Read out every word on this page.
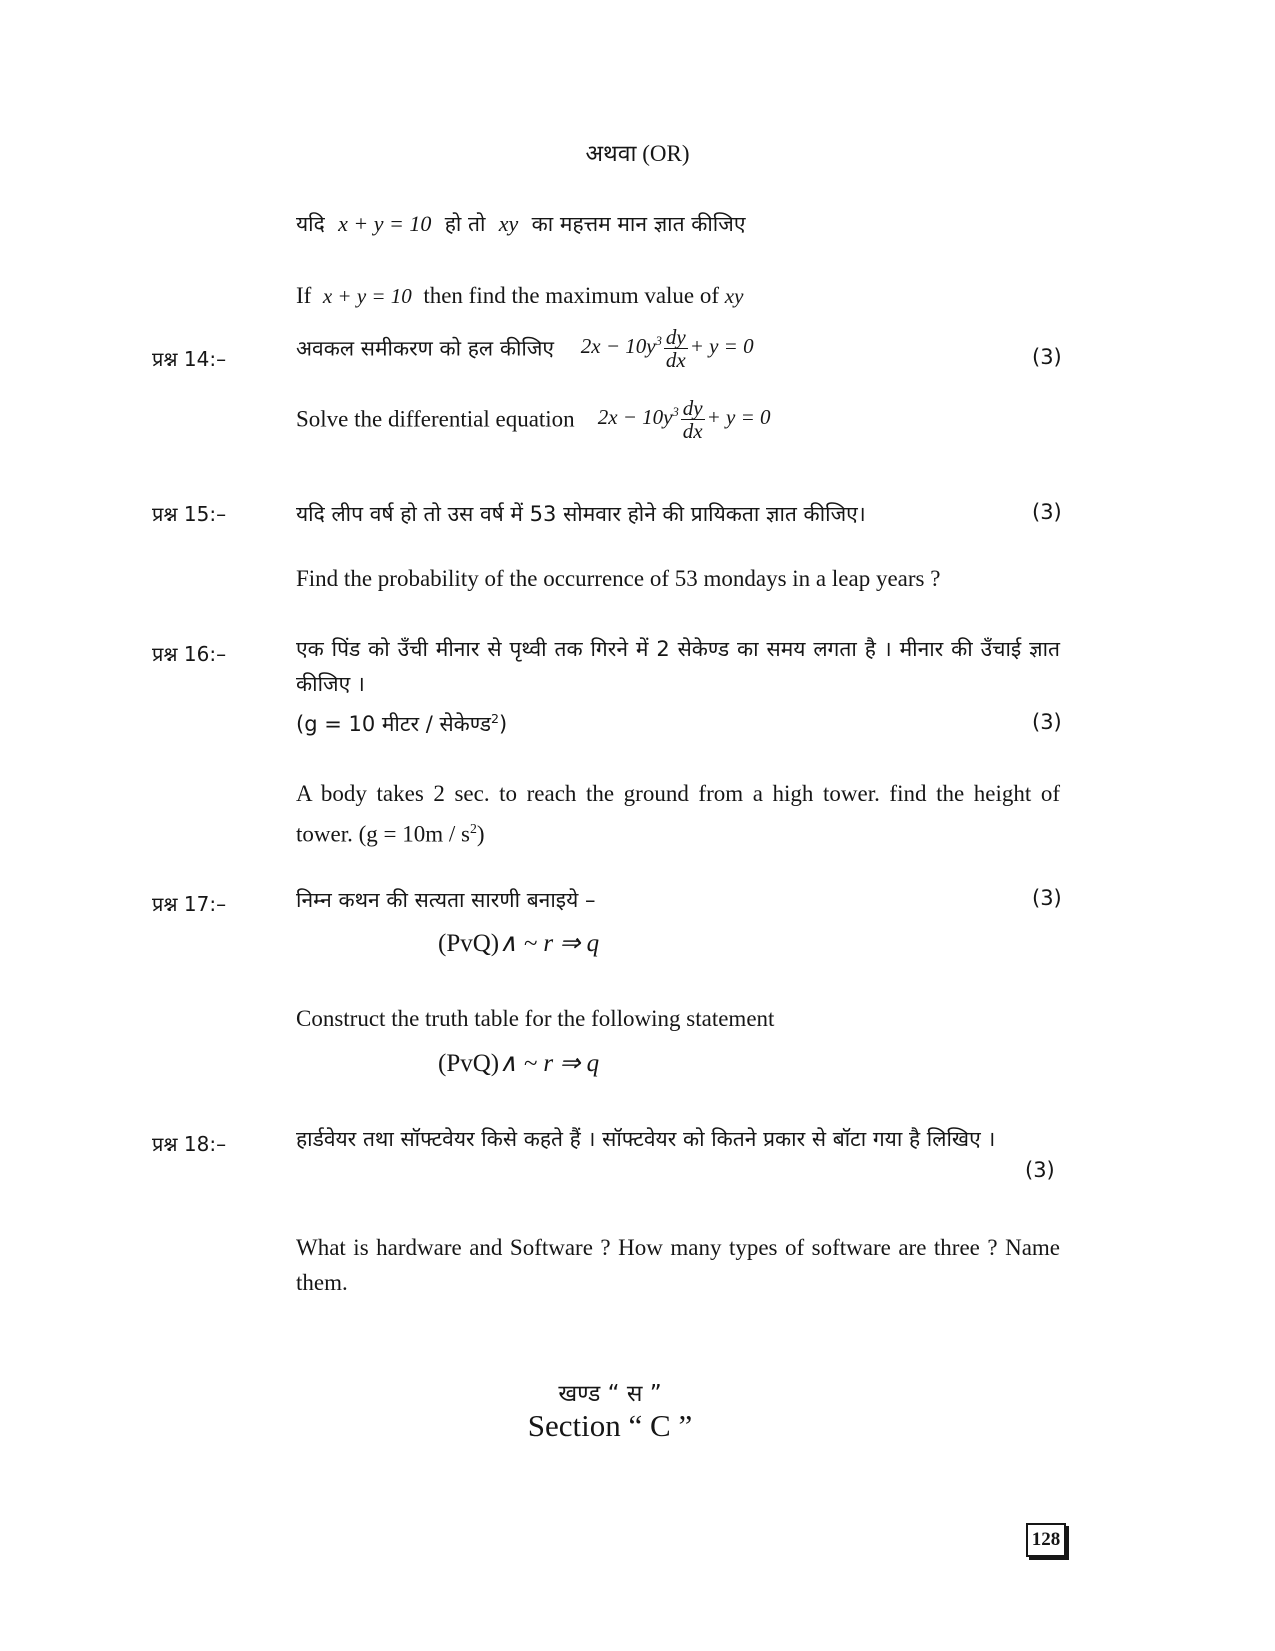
अथवा (OR)
यदि x + y = 10 हो तो xy का महत्तम मान ज्ञात कीजिए
If x + y = 10 then find the maximum value of xy
प्रश्न 14:–	अवकल समीकरण को हल कीजिए $2x - 10y^3 \frac{dy}{dx} + y = 0$	(3)
Solve the differential equation $2x - 10y^3 \frac{dy}{dx} + y = 0$
प्रश्न 15:–	यदि लीप वर्ष हो तो उस वर्ष में 53 सोमवार होने की प्रायिकता ज्ञात कीजिए।	(3)
Find the probability of the occurrence of 53 mondays in a leap years ?
प्रश्न 16:–	एक पिंड को उँची मीनार से पृथ्वी तक गिरने में 2 सेकेण्ड का समय लगता है । मीनार की उँचाई ज्ञात कीजिए ।
(g = 10 मीटर / सेकेण्ड$^2$)	(3)
A body takes 2 sec. to reach the ground from a high tower. find the height of tower. $(g = 10m / s^2)$
प्रश्न 17:–	निम्न कथन की सत्यता सारणी बनाइये –	(3)
(PvQ)∧ ~ r ⇒ q
Construct the truth table for the following statement
(PvQ)∧ ~ r ⇒ q
प्रश्न 18:–	हार्डवेयर तथा सॉफ्टवेयर किसे कहते हैं । सॉफ्टवेयर को कितने प्रकार से बॉटा गया है लिखिए ।
(3)
What is hardware and Software ? How many types of software are three ? Name them.
खण्ड “ स ”
Section “ C ”
128
